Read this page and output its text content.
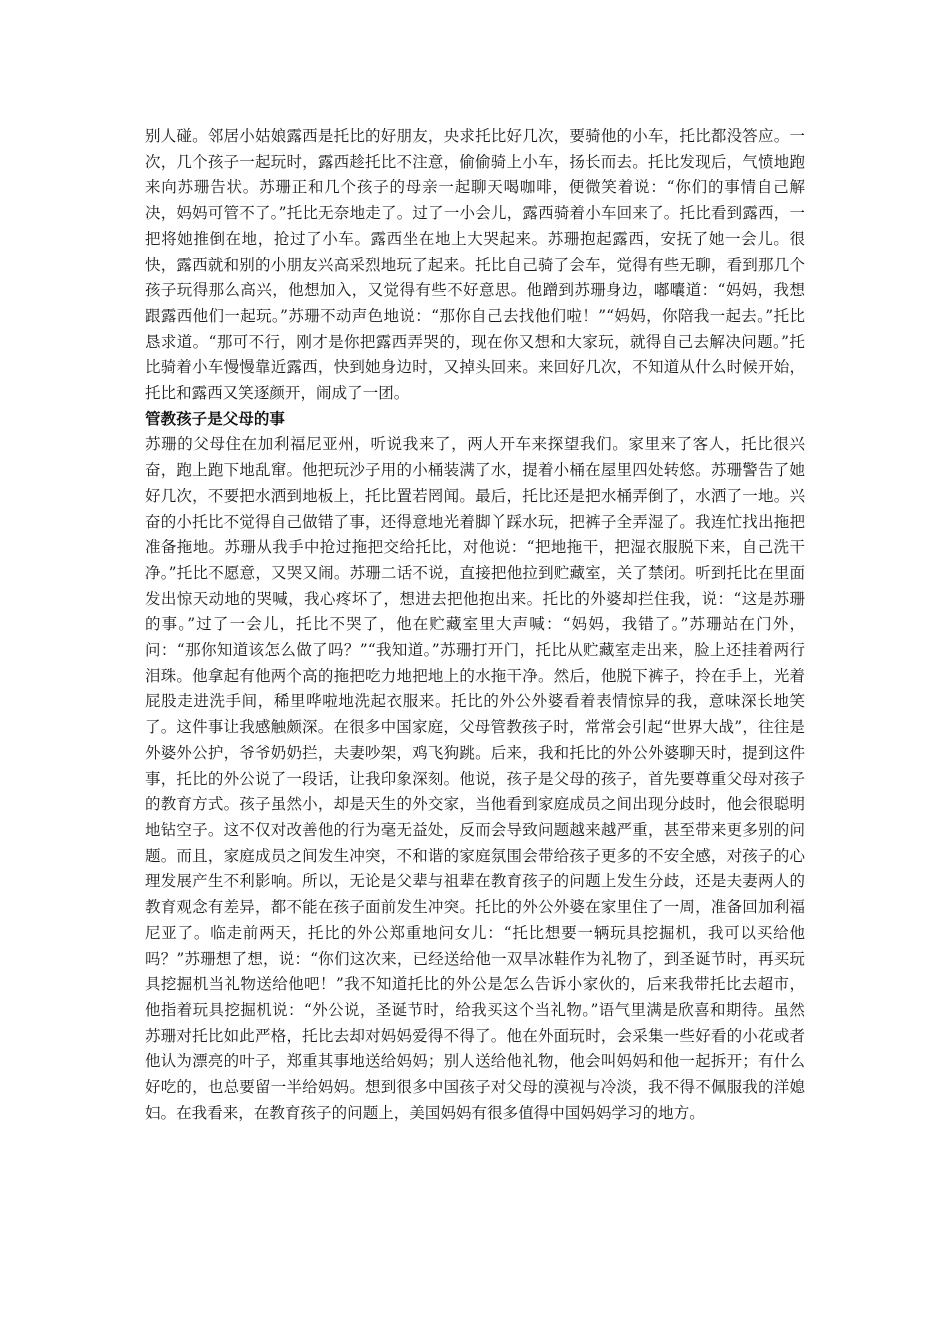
别人碰。邻居小姑娘露西是托比的好朋友，央求托比好几次，要骑他的小车，托比都没答应。一次，几个孩子一起玩时，露西趁托比不注意，偷偷骑上小车，扬长而去。托比发现后，气愤地跑来向苏珊告状。苏珊正和几个孩子的母亲一起聊天喝咖啡，便微笑着说：“你们的事情自己解决，妈妈可管不了。”托比无奈地走了。过了一小会儿，露西骑着小车回来了。托比看到露西，一把将她推倒在地，抢过了小车。露西坐在地上大哭起来。苏珊抱起露西，安抚了她一会儿。很快，露西就和别的小朋友兴高采烈地玩了起来。托比自己骑了会车，觉得有些无聊，看到那几个孩子玩得那么高兴，他想加入，又觉得有些不好意思。他蹭到苏珊身边，嘟囔道：“妈妈，我想跟露西他们一起玩。”苏珊不动声色地说：“那你自己去找他们啦！”“妈妈，你陪我一起去。”托比恳求道。“那可不行，刚才是你把露西弄哭的，现在你又想和大家玩，就得自己去解决问题。”托比骑着小车慢慢靠近露西，快到她身边时，又掉头回来。来回好几次，不知道从什么时候开始，托比和露西又笑逐颜开，闹成了一团。

管教孩子是父母的事

苏珊的父母住在加利福尼亚州，听说我来了，两人开车来探望我们。家里来了客人，托比很兴奋，跑上跑下地乱窜。他把玩沙子用的小桶装满了水，提着小桶在屋里四处转悠。苏珊警告了她好几次，不要把水洒到地板上，托比置若罔闻。最后，托比还是把水桶弄倒了，水洒了一地。兴奋的小托比不觉得自己做错了事，还得意地光着脚丫踩水玩，把裤子全弄湿了。我连忙找出拖把准备拖地。苏珊从我手中抢过拖把交给托比，对他说：“把地拖干，把湿衣服脱下来，自己洗干净。”托比不愿意，又哭又闹。苏珊二话不说，直接把他拉到贮藏室，关了禁闭。听到托比在里面发出惊天动地的哭喊，我心疼坏了，想进去把他抱出来。托比的外婆却拦住我，说：“这是苏珊的事。”过了一会儿，托比不哭了，他在贮藏室里大声喊：“妈妈，我错了。”苏珊站在门外，问：“那你知道该怎么做了吗？”“我知道。”苏珊打开门，托比从贮藏室走出来，脸上还挂着两行泪珠。他拿起有他两个高的拖把吃力地把地上的水拖干净。然后，他脱下裤子，拎在手上，光着屁股走进洗手间，稀里哗啦地洗起衣服来。托比的外公外婆看着表情惊异的我，意味深长地笑了。这件事让我感触颇深。在很多中国家庭，父母管教孩子时，常常会引起“世界大战”，往往是外婆外公护，爷爷奶奶拦，夫妻吵架，鸡飞狗跳。后来，我和托比的外公外婆聊天时，提到这件事，托比的外公说了一段话，让我印象深刻。他说，孩子是父母的孩子，首先要尊重父母对孩子的教育方式。孩子虽然小，却是天生的外交家，当他看到家庭成员之间出现分歧时，他会很聪明地钻空子。这不仅对改善他的行为毫无益处，反而会导致问题越来越严重，甚至带来更多别的问题。而且，家庭成员之间发生冲突，不和谐的家庭氛围会带给孩子更多的不安全感，对孩子的心理发展产生不利影响。所以，无论是父辈与祖辈在教育孩子的问题上发生分歧，还是夫妻两人的教育观念有差异，都不能在孩子面前发生冲突。托比的外公外婆在家里住了一周，准备回加利福尼亚了。临走前两天，托比的外公郑重地问女儿：“托比想要一辆玩具挖掘机，我可以买给他吗？”苏珊想了想，说：“你们这次来，已经送给他一双旱冰鞋作为礼物了，到圣诞节时，再买玩具挖掘机当礼物送给他吧！”我不知道托比的外公是怎么告诉小家伙的，后来我带托比去超市，他指着玩具挖掘机说：“外公说，圣诞节时，给我买这个当礼物。”语气里满是欣喜和期待。虽然苏珊对托比如此严格，托比去却对妈妈爱得不得了。他在外面玩时，会采集一些好看的小花或者他认为漂亮的叶子，郑重其事地送给妈妈；别人送给他礼物，他会叫妈妈和他一起拆开；有什么好吃的，也总要留一半给妈妈。想到很多中国孩子对父母的漠视与冷淡，我不得不佩服我的洋媳妇。在我看来，在教育孩子的问题上，美国妈妈有很多值得中国妈妈学习的地方。
